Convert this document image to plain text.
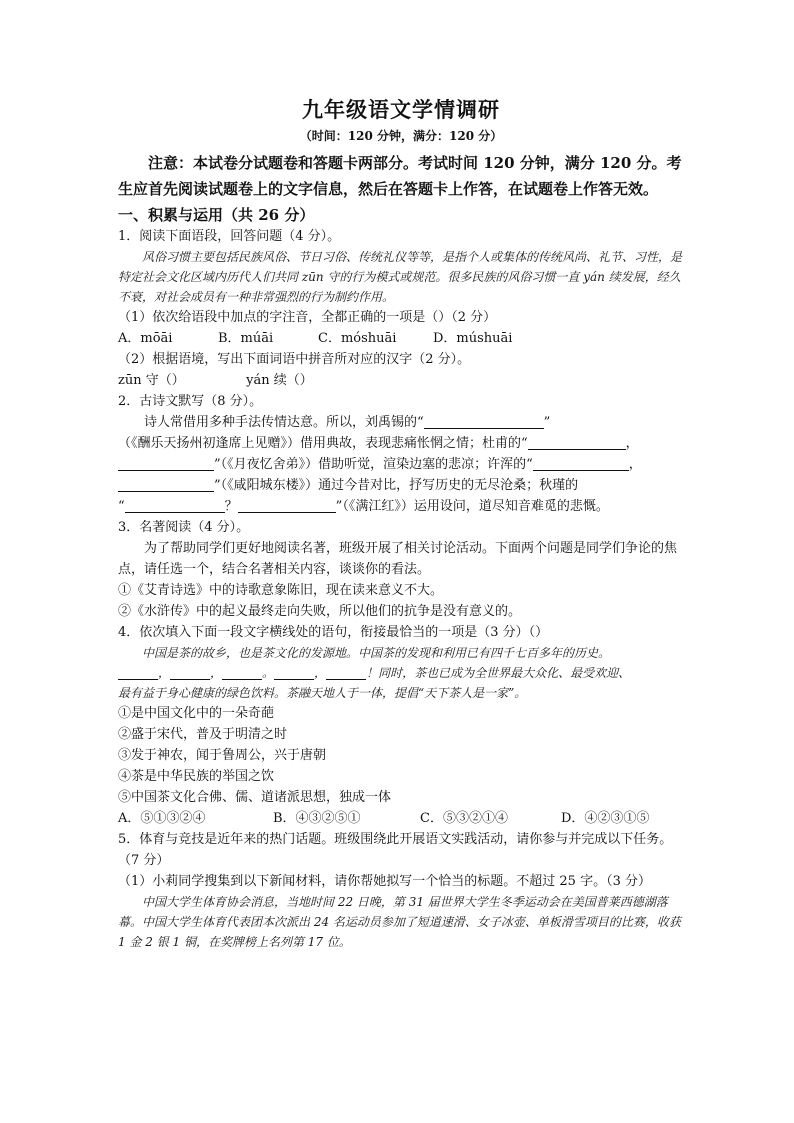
九年级语文学情调研

（时间：120 分钟，满分：120 分）

注意：本试卷分试题卷和答题卡两部分。考试时间 120 分钟，满分 120 分。考生应首先阅读试题卷上的文字信息，然后在答题卡上作答，在试题卷上作答无效。

一、积累与运用（共 26 分）

1．阅读下面语段，回答问题（4 分）。

风俗习惯主要包括民族风俗、节日习俗、传统礼仪等等，是指个人或集体的传统风尚、礼节、习性，是特定社会文化区域内历代人们共同 zūn 守的行为模式或规范。很多民族的风俗习惯一直 yán 续发展，经久不衰，对社会成员有一种非常强烈的行为制约作用。

（1）依次给语段中加点的字注音，全都正确的一项是（）（2 分）

A．mōāi	B．múāi	C．móshuāi	D．múshuāi

（2）根据语境，写出下面词语中拼音所对应的汉字（2 分）。

zūn 守（）	yán 续（）

2．古诗文默写（8 分）。

诗人常借用多种手法传情达意。所以，刘禹锡的“	”

（《酬乐天扬州初逢席上见赠》）借用典故，表现悲痛怅惘之情；杜甫的“	，

”（《月夜忆舍弟》）借助听觉，渲染边塞的悲凉；许浑的“	，

”（《咸阳城东楼》）通过今昔对比，抒写历史的无尽沧桑；秋瑾的

“	？	”（《满江红》）运用设问，道尽知音难觅的悲慨。

3．名著阅读（4 分）。

为了帮助同学们更好地阅读名著，班级开展了相关讨论活动。下面两个问题是同学们争论的焦点，请任选一个，结合名著相关内容，谈谈你的看法。

①《艾青诗选》中的诗歌意象陈旧，现在读来意义不大。

②《水浒传》中的起义最终走向失败，所以他们的抗争是没有意义的。

4．依次填入下面一段文字横线处的语句，衔接最恰当的一项是（3 分）（）

中国是茶的故乡，也是茶文化的发源地。中国茶的发现和利用已有四千七百多年的历史。

，	，	。	，	！同时，茶也已成为全世界最大众化、最受欢迎、

最有益于身心健康的绿色饮料。茶融天地人于一体，提倡“天下茶人是一家”。

①是中国文化中的一朵奇葩

②盛于宋代，普及于明清之时

③发于神农，闻于鲁周公，兴于唐朝

④茶是中华民族的举国之饮

⑤中国茶文化合佛、儒、道诸派思想，独成一体

A．⑤①③②④	B．④③②⑤①	C．⑤③②①④	D．④②③①⑤

5．体育与竞技是近年来的热门话题。班级围绕此开展语文实践活动，请你参与并完成以下任务。（7 分）

（1）小莉同学搜集到以下新闻材料，请你帮她拟写一个恰当的标题。不超过 25 字。（3 分）

中国大学生体育协会消息，当地时间 22 日晚，第 31 届世界大学生冬季运动会在美国普莱西德湖落幕。中国大学生体育代表团本次派出 24 名运动员参加了短道速滑、女子冰壶、单板滑雪项目的比赛，收获 1 金 2 银 1 铜，在奖牌榜上名列第 17 位。
